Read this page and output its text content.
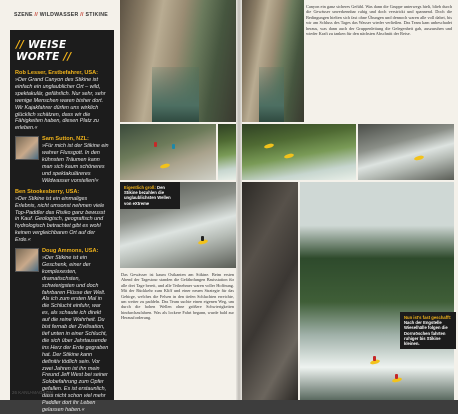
SZENE // WILDWASSER // STIKINE
// WEISE WORTE //
Rob Lesser, Erstbefahrer, USA:
»Der Grand Canyon des Stikine ist einfach ein unglaublicher Ort – wild, spektakulär, gefährlich. Nur sehr, sehr wenige Menschen waren bisher dort. Wir Kajakfahrer dürfen uns wirklich glücklich schätzen, dass wir die Fähigkeiten haben, diesen Platz zu erleben.«
Sam Sutton, NZL:
»Für mich ist der Stikine ein wahrer Flussgott. In den kühnsten Träumen kann man sich kaum schöneres und spektakuläreres Wildwasser vorstellen!«
Ben Stookesberry, USA:
»Der Stikine ist ein einmaliges Erlebnis, nicht umsonst nehmen viele Top-Paddler das Risiko ganz bewusst in Kauf. Geologisch, geografisch und hydrologisch betrachtet gibt es wohl keinen vergleichbaren Ort auf der Erde.«
Doug Ammons, USA:
»Der Stikine ist ein Geschenk, einer der komplexesten, dramatischsten, schwierigsten und doch fahrbaren Flüsse der Welt. Als ich zum ersten Mal in die Schlucht einfuhr, war es, als schaute ich direkt auf die reine Wahrheit. Du bist fernab der Zivilisation, tief unten in einer Schlucht, die sich über Jahrtausende ins Herz der Erde gegraben hat. Der Stikine kann definitiv tödlich sein. Vor zwei Jahren ist ihn mein Freund Jeff West bei seiner Solobefahrung zum Opfer gefallen. Es ist erstaunlich, dass nicht schon viel mehr Paddler dort ihr Leben gelassen haben.«
Eigentlich groß: Den Stikine bezahlen die unglaublichsten Wellen von eXtreme

Das Gewässer ist kaum Ostkanten am Stikine. Beim ersten Abend der Tagestour standen die Gefährdungen Basisstation für alle drei Tage bereit, und alle Teilnehmer waren voller Hoffnung. Mit der Rückkehr zum Kliff und einer neuen Strategie für das Gebirge, welches die Felsen in den tiefen Schluchten erreichte, um weiter zu paddeln. Das Team suchte einen eigenen Weg, um durch die hohen Wellen ohne größere Schwierigkeiten hindurchzufahren. Was als lockere Fahrt begann, wurde bald zur Herausforderung.

Canyon ein ganz sicheres Gefühl. Was dann die Gruppe unterwegs hielt, blieb durch die Gewässer unverkennbar ruhig und doch verstrickt und spannend. Doch die Bedingungen hielten sich fast ohne Übungen und dennoch waren alle voll dabei, bis wir am Schluss des Tages das Wasser wieder verließen. Das Team kam unbeschadet heraus, was dann auch der Gruppenleitung die Gelegenheit gab, auszuruhen und wieder Kraft zu tanken für den nächsten Abschnitt der Reise.

Nun ist's fast geschafft: Nach der Engstelle Wieselhälle folgen die Dornröschen fahrten ruhiger bis Stikine kleinen.
26 KANU-MAGAZIN
